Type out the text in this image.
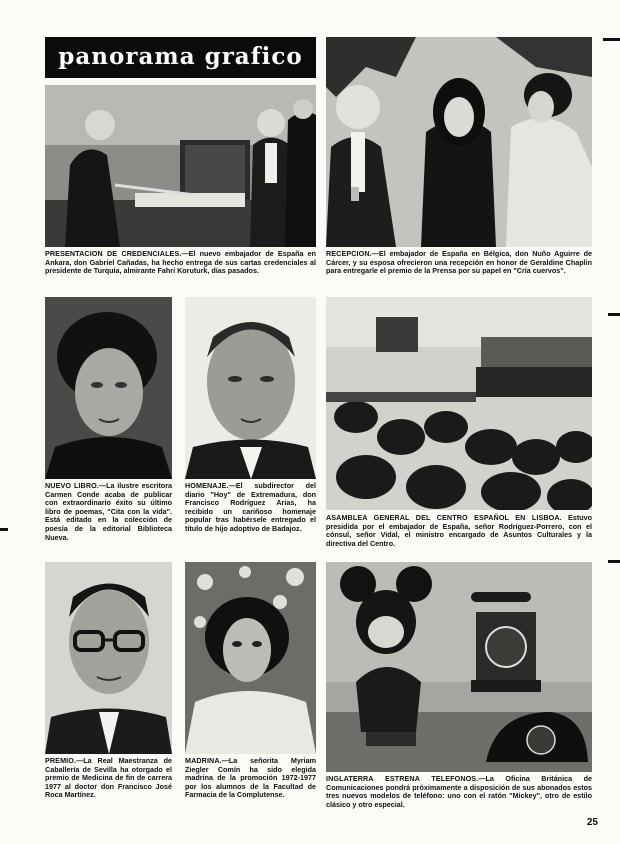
panorama grafico
PRESENTACION DE CREDENCIALES.—El nuevo embajador de España en Ankara, don Gabriel Cañadas, ha hecho entrega de sus cartas credenciales al presidente de Turquía, almirante Fahri Koruturk, días pasados.
RECEPCION.—El embajador de España en Bélgica, don Nuño Aguirre de Cárcer, y su esposa ofrecieron una recepción en honor de Geraldine Chaplin para entregarle el premio de la Prensa por su papel en "Cría cuervos".
NUEVO LIBRO.—La ilustre escritora Carmen Conde acaba de publicar con extraordinario éxito su último libro de poemas, "Cita con la vida". Está editado en la colección de poesía de la editorial Biblioteca Nueva.
HOMENAJE.—El subdirector del diario "Hoy" de Extremadura, don Francisco Rodríguez Arias, ha recibido un cariñoso homenaje popular tras habérsele entregado el título de hijo adoptivo de Badajoz.
ASAMBLEA GENERAL DEL CENTRO ESPAÑOL EN LISBOA. Estuvo presidida por el embajador de España, señor Rodríguez-Porrero, con el cónsul, señor Vidal, el ministro encargado de Asuntos Culturales y la directiva del Centro.
PREMIO.—La Real Maestranza de Caballería de Sevilla ha otorgado el premio de Medicina de fin de carrera 1977 al doctor don Francisco José Roca Martínez.
MADRINA.—La señorita Myriam Ziegler Comín ha sido elegida madrina de la promoción 1972-1977 por los alumnos de la Facultad de Farmacia de la Complutense.
INGLATERRA ESTRENA TELEFONOS.—La Oficina Británica de Comunicaciones pondrá próximamente a disposición de sus abonados estos tres nuevos modelos de teléfono: uno con el ratón "Mickey", otro de estilo clásico y otro especial.
25
